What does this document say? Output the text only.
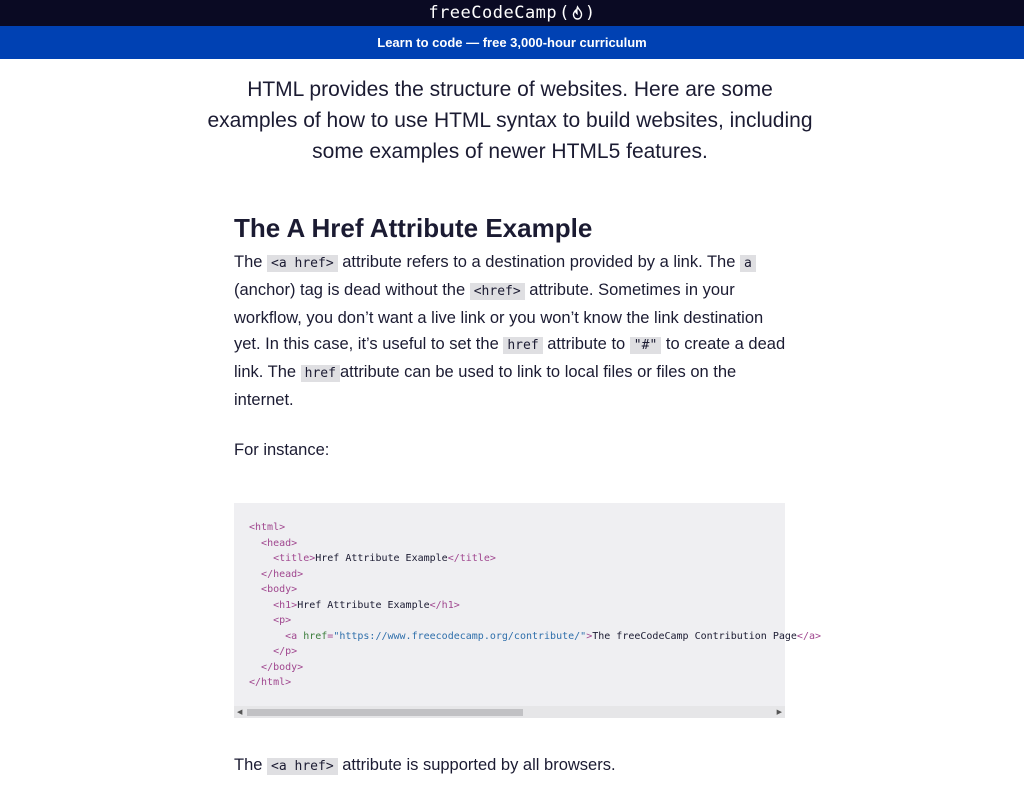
freeCodeCamp ( )
Learn to code — free 3,000-hour curriculum

HTML provides the structure of websites. Here are some examples of how to use HTML syntax to build websites, including some examples of newer HTML5 features.

The A Href Attribute Example

The <a href> attribute refers to a destination provided by a link. The a (anchor) tag is dead without the <href> attribute. Sometimes in your workflow, you don’t want a live link or you won’t know the link destination yet. In this case, it’s useful to set the href attribute to "#" to create a dead link. The href attribute can be used to link to local files or files on the internet.

For instance:

<html>
<head>
<title>Href Attribute Example</title>
</head>
<body>
<h1>Href Attribute Example</h1>
<p>
<a href="https://www.freecodecamp.org/contribute/">The freeCodeCamp Contribution Page</a>
</p>
</body>
</html>
◀	▶

The <a href> attribute is supported by all browsers.
